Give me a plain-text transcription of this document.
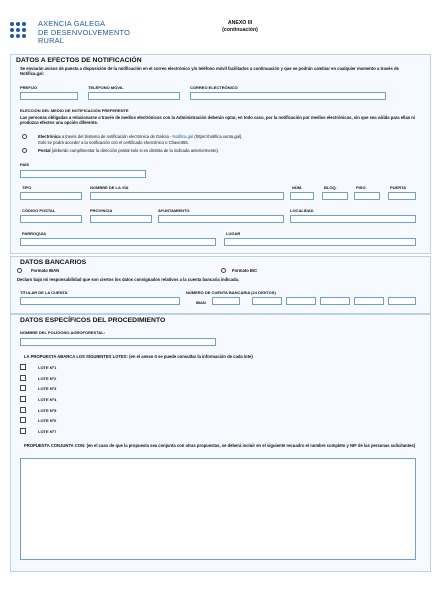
AXENCIA GALEGA
DE DESENVOLVEMENTO
RURAL
ANEXO III
(continuación)
DATOS A EFECTOS DE NOTIFICACIÓN
Se enviarán avisos de puesta a disposición de la notificación en el correo electrónico y/o teléfono móvil facilitados a continuación y que se podrán cambiar en cualquier momento a través de Notifica.gal:
PREFIJO	TELÉFONO MÓVIL	CORREO ELECTRÓNICO
ELECCIÓN DEL MEDIO DE NOTIFICACIÓN PREFERENTE
Las personas obligadas a relacionarse a través de medios electrónicos con la Administración deberán optar, en todo caso, por la notificación por medios electrónicos, sin que sea válida para ellas ni produzca efectos una opción diferente.
Electrónica a través del Sistema de notificación electrónica de Galicia - Notifica.gal (https://notifica.xunta.gal).
Solo se podrá acceder a la notificación con el certificado electrónico o Chave365.
Postal (deberán cumplimentar la dirección postal solo si es distinta de la indicada anteriormente).
PAÍS
TIPO	NOMBRE DE LA VÍA	NÚM.	BLOQ.	PISO	PUERTA
CÓDIGO POSTAL	PROVINCIA	AYUNTAMIENTO	LOCALIDAD
PARROQUIA	LUGAR
DATOS BANCARIOS
Formato IBAN	Formato BIC
Declaro bajo mi responsabilidad que son ciertos los datos consignados relativos a la cuenta bancaria indicada.
TITULAR DE LA CUENTA	NÚMERO DE CUENTA BANCARIA (24 DÍGITOS)
IBAN
DATOS ESPECÍFICOS DEL PROCEDIMIENTO
NOMBRE DEL POLÍGONO AGROFORESTAL:
LA PROPUESTA ABARCA LOS SIGUIENTES LOTES: (en el anexo II se puede consultar la información de cada lote)
LOTE Nº1
LOTE Nº2
LOTE Nº3
LOTE Nº4
LOTE Nº5
LOTE Nº6
LOTE Nº7
PROPUESTA CONJUNTA CON: (en el caso de que la propuesta sea conjunta con otras propuestas, se deberá incluir en el siguiente recuadro el nombre completo y NIF de las personas solicitantes)
